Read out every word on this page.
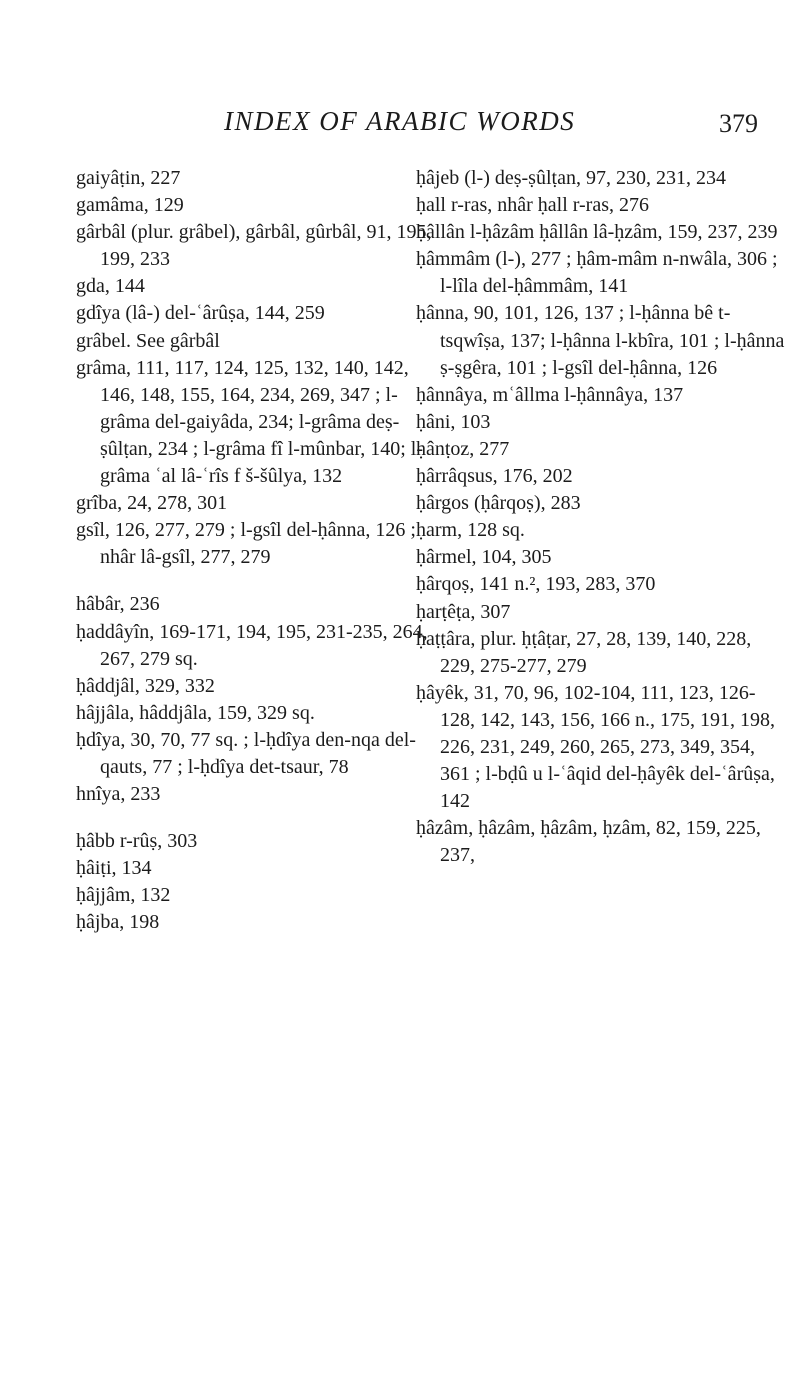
INDEX OF ARABIC WORDS	379
gaiyâṭin, 227
gamâma, 129
gârbâl (plur. grâbel), gârbâl, gûrbâl, 91, 195, 199, 233
gda, 144
gdîya (lâ-) del-ʿârûṣa, 144, 259
grâbel. See gârbâl
grâma, 111, 117, 124, 125, 132, 140, 142, 146, 148, 155, 164, 234, 269, 347 ; l-grâma del-gaiyâda, 234; l-grâma deṣ-ṣûlṭan, 234 ; l-grâma fî l-mûnbar, 140; l-grâma ʿal lâ-ʿrîs f š-šûlya, 132
grîba, 24, 278, 301
gsîl, 126, 277, 279 ; l-gsîl del-ḥânna, 126 ; nhâr lâ-gsîl, 277, 279
hâbâr, 236
ḥaddâyîn, 169-171, 194, 195, 231-235, 264, 267, 279 sq.
ḥâddjâl, 329, 332
hâjjâla, hâddjâla, 159, 329 sq.
ḥdîya, 30, 70, 77 sq. ; l-ḥdîya den-nqa del-qauts, 77 ; l-ḥdîya det-tsaur, 78
hnîya, 233
ḥâbb r-rûṣ, 303
ḥâiṭi, 134
ḥâjjâm, 132
ḥâjba, 198
ḥâjeb (l-) deṣ-ṣûlṭan, 97, 230, 231, 234
ḥall r-ras, nhâr ḥall r-ras, 276
ḥâllân l-ḥâzâm ḥâllân lâ-ḥzâm, 159, 237, 239
ḥâmmâm (l-), 277 ; ḥâm-mâm n-nwâla, 306 ; l-lîla del-ḥâmmâm, 141
ḥânna, 90, 101, 126, 137 ; l-ḥânna bê t-tsqwîṣa, 137; l-ḥânna l-kbîra, 101 ; l-ḥânna ṣ-ṣgêra, 101 ; l-gsîl del-ḥânna, 126
ḥânnâya, mʿâllma l-ḥânnâya, 137
ḥâni, 103
ḥânṭoz, 277
ḥârrâqsus, 176, 202
ḥârgos (ḥârqoṣ), 283
ḥarm, 128 sq.
ḥârmel, 104, 305
ḥârqoṣ, 141 n.², 193, 283, 370
ḥarṭêṭa, 307
ḥaṭṭâra, plur. ḥṭâṭar, 27, 28, 139, 140, 228, 229, 275-277, 279
ḥâyêk, 31, 70, 96, 102-104, 111, 123, 126-128, 142, 143, 156, 166 n., 175, 191, 198, 226, 231, 249, 260, 265, 273, 349, 354, 361 ; l-bḍû u l-ʿâqid del-ḥâyêk del-ʿârûṣa, 142
ḥâzâm, ḥâzâm, ḥâzâm, ḥzâm, 82, 159, 225, 237,
